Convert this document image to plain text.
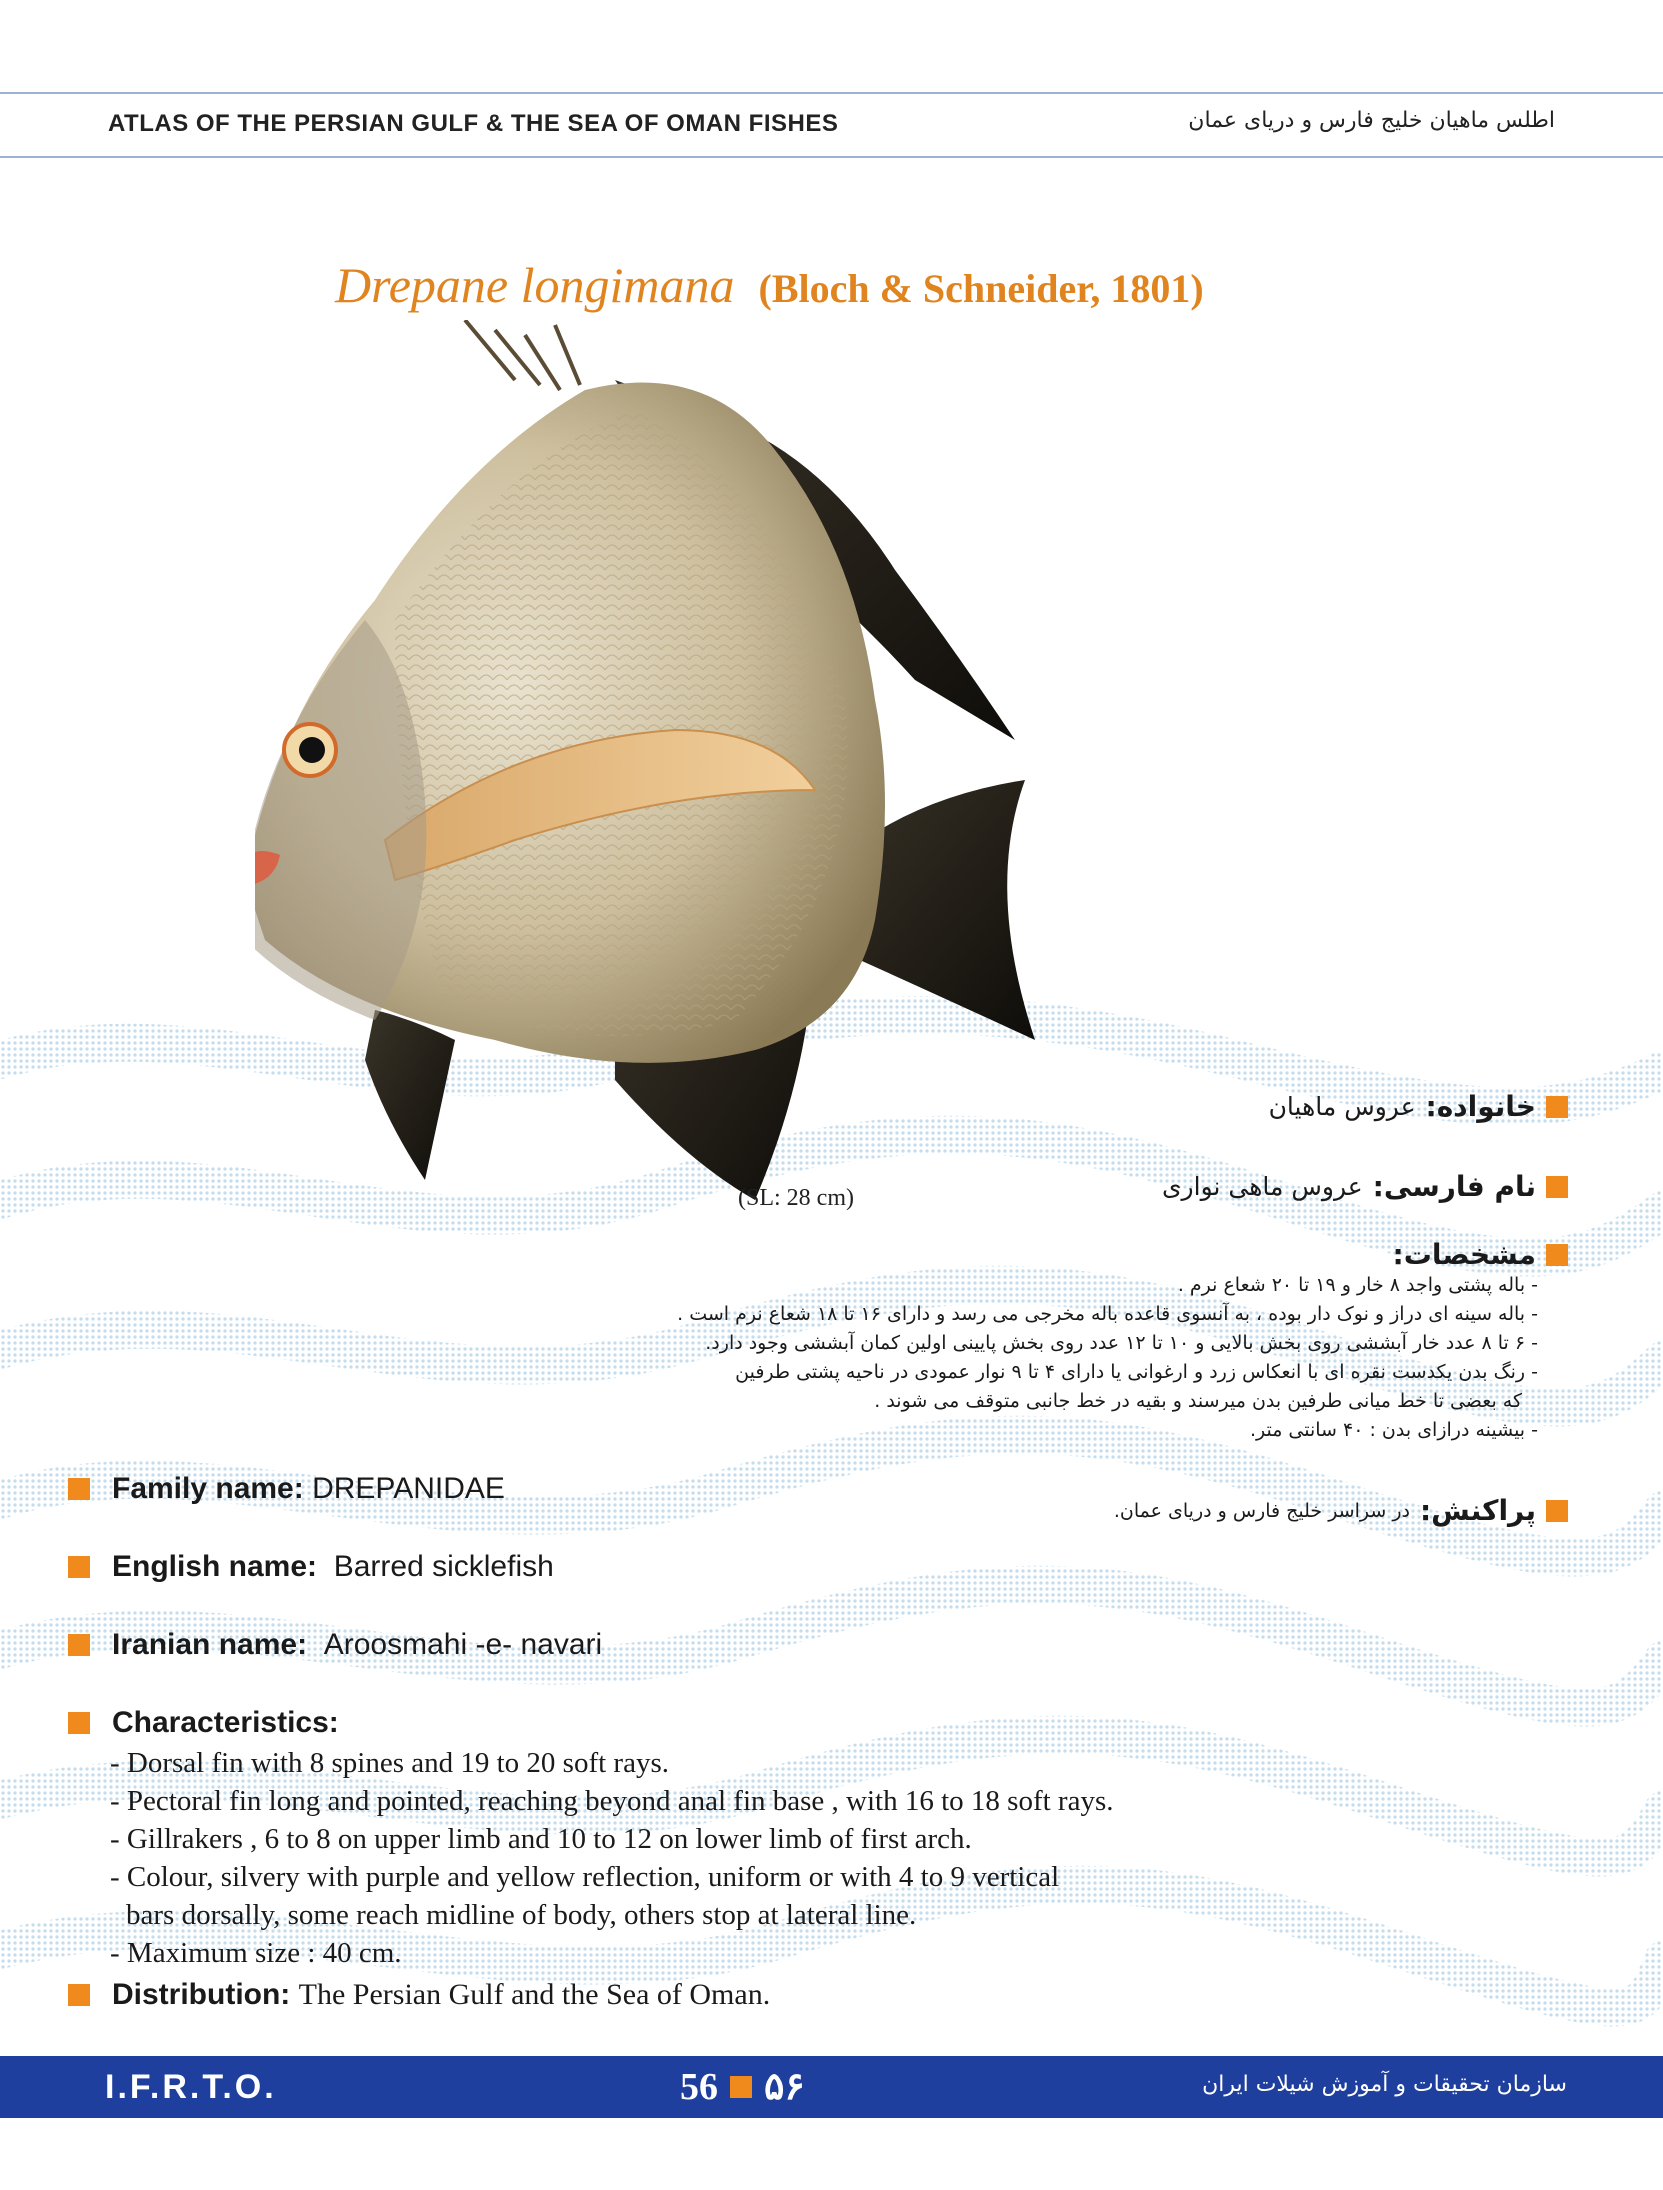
ATLAS OF THE PERSIAN GULF & THE SEA OF OMAN FISHES	اطلس ماهیان خلیج فارس و دریای عمان
Drepane longimana (Bloch & Schneider, 1801)
(SL: 28 cm)
خانواده:
عروس ماهیان
نام فارسی:
عروس ماهی نواری
مشخصات:
- باله پشتی واجد ۸ خار و ۱۹ تا ۲۰ شعاع نرم .
- باله سینه ای دراز و نوک دار بوده ، به آنسوی قاعده باله مخرجی می رسد و دارای ۱۶ تا ۱۸ شعاع نرم است .
- ۶ تا ۸ عدد خار آبششی روی بخش بالایی و ۱۰ تا ۱۲ عدد روی بخش پایینی اولین کمان آبششی وجود دارد.
- رنگ بدن یکدست نقره ای با انعکاس زرد و ارغوانی یا دارای ۴ تا ۹ نوار عمودی در ناحیه پشتی طرفین
که بعضی تا خط میانی طرفین بدن میرسند و بقیه در خط جانبی متوقف می شوند .
- بیشینه درازای بدن : ۴۰ سانتی متر.
پراکنش:
در سراسر خلیج فارس و دریای عمان.
Family name: DREPANIDAE
English name: Barred sicklefish
Iranian name: Aroosmahi -e- navari
Characteristics:
- Dorsal fin with 8 spines and 19 to 20 soft rays.
- Pectoral fin long and pointed, reaching beyond anal fin base , with 16 to 18 soft rays.
- Gillrakers , 6 to 8 on upper limb and 10 to 12 on lower limb of first arch.
- Colour, silvery with purple and yellow reflection, uniform or with 4 to 9 vertical
bars dorsally, some reach midline of body, others stop at lateral line.
- Maximum size : 40 cm.
Distribution: The Persian Gulf and the Sea of Oman.
I.F.R.T.O.	56 ۵۶	سازمان تحقیقات و آموزش شیلات ایران
